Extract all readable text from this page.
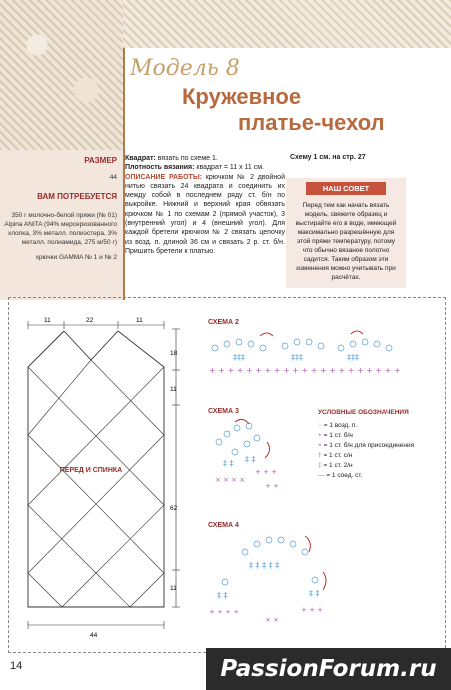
Модель 8
Кружевное
платье-чехол
РАЗМЕР
44
ВАМ ПОТРЕБУЕТСЯ
350 г молочно-белой пряжи (№ 01) Alpina ANITA (94% мерсеризованного хлопка, 3% металл. полиэстера, 3% металл. полиамида, 275 м/50 г)
крючки GAMMA № 1 и № 2
Квадрат: вязать по схеме 1.
Плотность вязания: квадрат = 11 х 11 см.
ОПИСАНИЕ РАБОТЫ: крючком № 2 двойной нитью связать 24 квадрата и соединить их между собой в последнем ряду ст. б/н по выкройке. Нижний и верхний края обвязать крючком № 1 по схемам 2 (прямой участок), 3 (внутренний угол) и 4 (внешний угол). Для каждой бретели крючком № 2 связать цепочку из возд. п. длиной 36 см и связать 2 р. ст. б/н. Пришить бретели к платью.
Схему 1 см. на стр. 27
НАШ СОВЕТ
Перед тем как начать вязать модель, свяжите образец и выстирайте его в воде, имеющей максимально разрешённую для этой пряжи температуру, потому что обычно вязаное полотно садится. Таким образом эти изменения можно учитывать при расчётах.
11	22	11
18
11
62
11
44
ПЕРЕД И СПИНКА
СХЕМА 2
‡‡‡	‡‡‡	‡‡‡
+ + + + + + + + + + + + + + + + + + + + +
СХЕМА 3
‡ ‡ ‡ ‡
× × × ×
+ + +
+ +
УСЛОВНЫЕ ОБОЗНАЧЕНИЯ
○ = 1 возд. п.
+ = 1 ст. б/н
× = 1 ст. б/н для присоединения
† = 1 ст. с/н
‡ = 1 ст. 2/н
— = 1 соед. ст.
СХЕМА 4
‡ ‡ ‡ ‡ ‡
‡ ‡	‡ ‡
+ + + +	+ + +
× ×
14	PassionForum.ru
